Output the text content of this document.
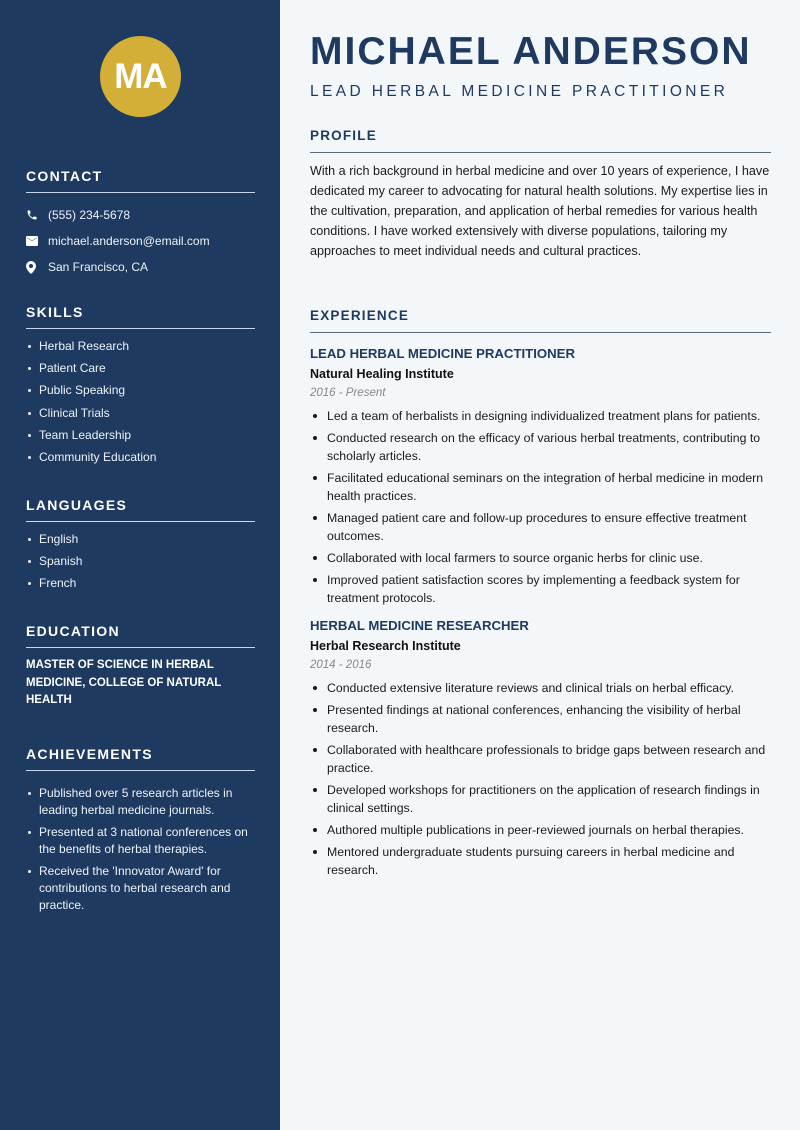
MA
CONTACT
(555) 234-5678
michael.anderson@email.com
San Francisco, CA
SKILLS
Herbal Research
Patient Care
Public Speaking
Clinical Trials
Team Leadership
Community Education
LANGUAGES
English
Spanish
French
EDUCATION
MASTER OF SCIENCE IN HERBAL MEDICINE, COLLEGE OF NATURAL HEALTH
ACHIEVEMENTS
Published over 5 research articles in leading herbal medicine journals.
Presented at 3 national conferences on the benefits of herbal therapies.
Received the 'Innovator Award' for contributions to herbal research and practice.
MICHAEL ANDERSON
LEAD HERBAL MEDICINE PRACTITIONER
PROFILE
With a rich background in herbal medicine and over 10 years of experience, I have dedicated my career to advocating for natural health solutions. My expertise lies in the cultivation, preparation, and application of herbal remedies for various health conditions. I have worked extensively with diverse populations, tailoring my approaches to meet individual needs and cultural practices.
EXPERIENCE
LEAD HERBAL MEDICINE PRACTITIONER
Natural Healing Institute
2016 - Present
Led a team of herbalists in designing individualized treatment plans for patients.
Conducted research on the efficacy of various herbal treatments, contributing to scholarly articles.
Facilitated educational seminars on the integration of herbal medicine in modern health practices.
Managed patient care and follow-up procedures to ensure effective treatment outcomes.
Collaborated with local farmers to source organic herbs for clinic use.
Improved patient satisfaction scores by implementing a feedback system for treatment protocols.
HERBAL MEDICINE RESEARCHER
Herbal Research Institute
2014 - 2016
Conducted extensive literature reviews and clinical trials on herbal efficacy.
Presented findings at national conferences, enhancing the visibility of herbal research.
Collaborated with healthcare professionals to bridge gaps between research and practice.
Developed workshops for practitioners on the application of research findings in clinical settings.
Authored multiple publications in peer-reviewed journals on herbal therapies.
Mentored undergraduate students pursuing careers in herbal medicine and research.
